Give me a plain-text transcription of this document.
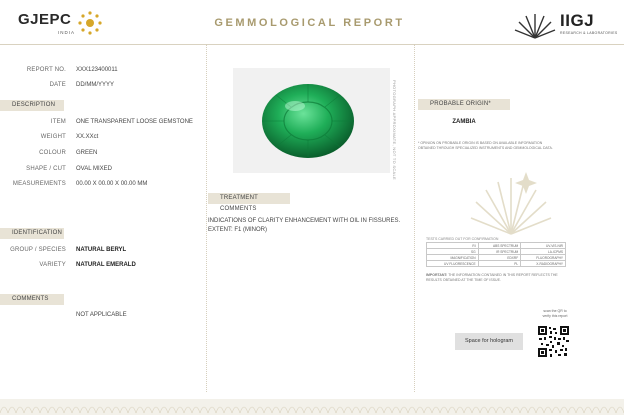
GJEPC
INDIA
GEMMOLOGICAL REPORT	IIGJ
RESEARCH & LABORATORIES
REPORT NO. XXX123400011
DATE DD/MM/YYYY
DESCRIPTION
ITEM ONE TRANSPARENT LOOSE GEMSTONE
WEIGHT XX.XXct
COLOUR GREEN
SHAPE / CUT OVAL MIXED
MEASUREMENTS 00.00 X 00.00 X 00.00 MM
IDENTIFICATION
GROUP / SPECIES NATURAL BERYL
VARIETY NATURAL EMERALD
COMMENTS
NOT APPLICABLE
PHOTOGRAPH APPROXIMATE, NOT TO SCALE
TREATMENT COMMENTS
INDICATIONS OF CLARITY ENHANCEMENT WITH OIL IN FISSURES.
EXTENT: F1 (MINOR)
PROBABLE ORIGIN*
ZAMBIA
* OPINION ON PROBABLE ORIGIN IS BASED ON AVAILABLE INFORMATION OBTAINED THROUGH SPECIALIZED INSTRUMENTS AND GEMMOLOGICAL DATA.
TESTS CARRIED OUT FOR CONFIRMATION
RI	ABS SPECTRUM	UV-VIS-NIR
SG	IR SPECTRUM	LA-ICPMS
MAGNIFICATION	EDXRF	FLUOROGRAPHY
UV FLUORESCENCE	PL	X-RADIOGRAPHY
IMPORTANT: THE INFORMATION CONTAINED IN THIS REPORT REFLECTS THE RESULTS OBTAINED AT THE TIME OF ISSUE.
scan the QR to
verify this report
Space for hologram
